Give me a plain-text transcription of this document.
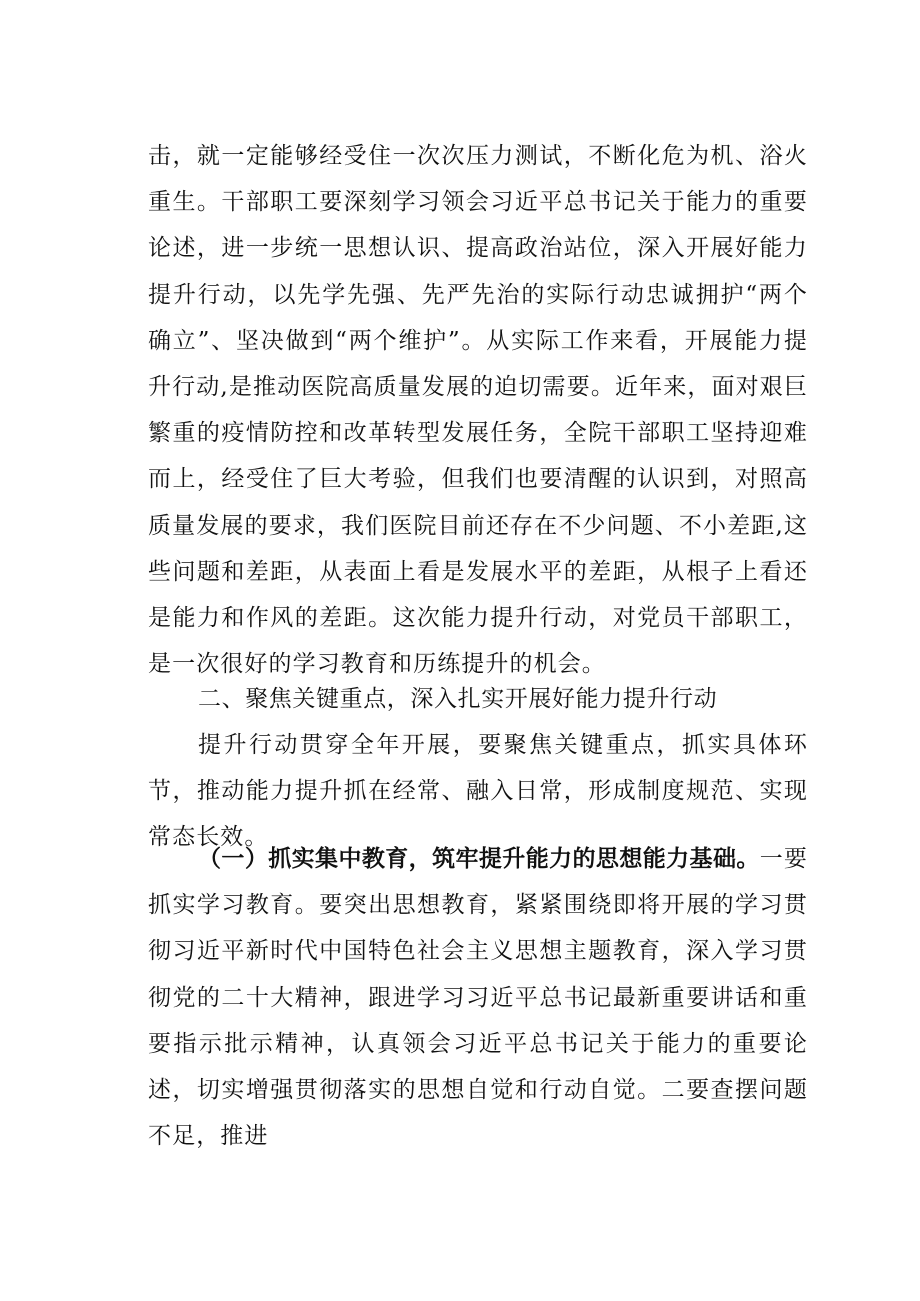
击，就一定能够经受住一次次压力测试，不断化危为机、浴火重生。干部职工要深刻学习领会习近平总书记关于能力的重要论述，进一步统一思想认识、提高政治站位，深入开展好能力提升行动，以先学先强、先严先治的实际行动忠诚拥护“两个确立”、坚决做到“两个维护”。从实际工作来看，开展能力提升行动,是推动医院高质量发展的迫切需要。近年来，面对艰巨繁重的疫情防控和改革转型发展任务，全院干部职工坚持迎难而上，经受住了巨大考验，但我们也要清醒的认识到，对照高质量发展的要求，我们医院目前还存在不少问题、不小差距,这些问题和差距，从表面上看是发展水平的差距，从根子上看还是能力和作风的差距。这次能力提升行动，对党员干部职工，是一次很好的学习教育和历练提升的机会。

二、聚焦关键重点，深入扎实开展好能力提升行动

提升行动贯穿全年开展，要聚焦关键重点，抓实具体环节，推动能力提升抓在经常、融入日常，形成制度规范、实现常态长效。

（一）抓实集中教育，筑牢提升能力的思想能力基础。一要抓实学习教育。要突出思想教育，紧紧围绕即将开展的学习贯彻习近平新时代中国特色社会主义思想主题教育，深入学习贯彻党的二十大精神，跟进学习习近平总书记最新重要讲话和重要指示批示精神，认真领会习近平总书记关于能力的重要论述，切实增强贯彻落实的思想自觉和行动自觉。二要查摆问题不足，推进
